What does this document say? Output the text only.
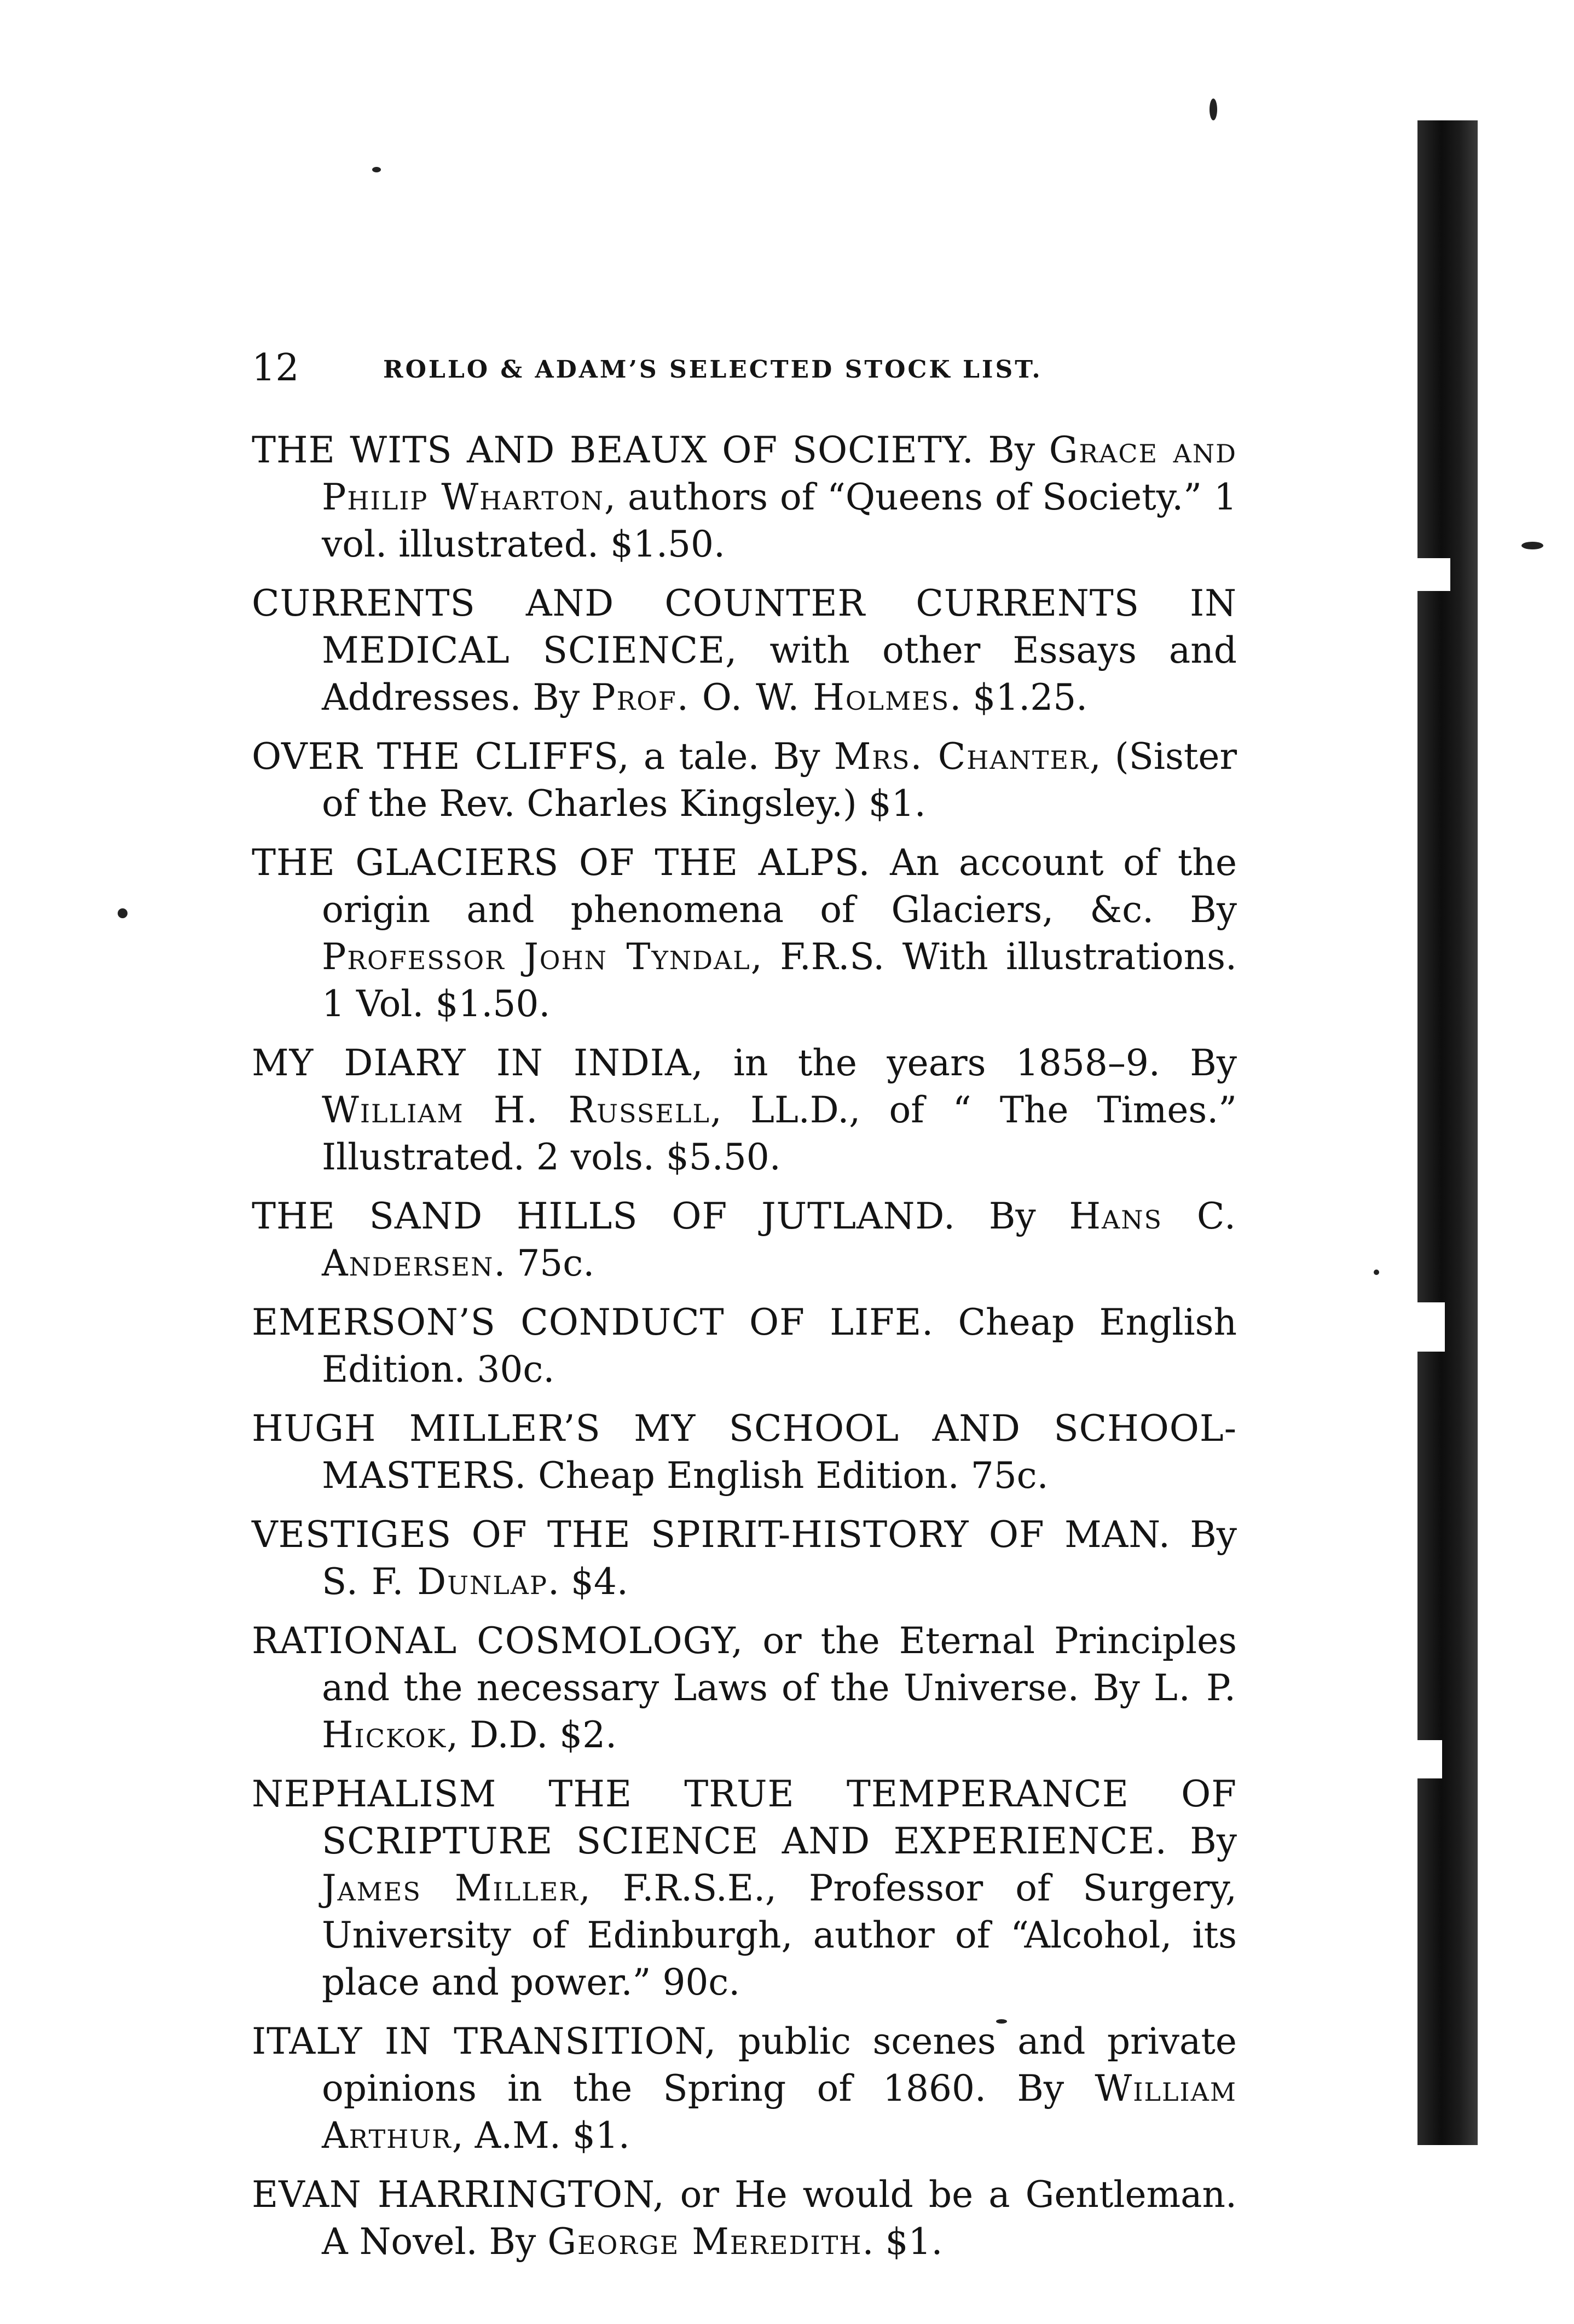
12	ROLLO & ADAM’S SELECTED STOCK LIST.

THE WITS AND BEAUX OF SOCIETY. By Grace and Philip Wharton, authors of “Queens of Society.” 1 vol. illustrated. $1.50.

CURRENTS AND COUNTER CURRENTS IN MEDICAL SCIENCE, with other Essays and Addresses. By Prof. O. W. Holmes. $1.25.

OVER THE CLIFFS, a tale. By Mrs. Chanter, (Sister of the Rev. Charles Kingsley.) $1.

THE GLACIERS OF THE ALPS. An account of the origin and phenomena of Glaciers, &c. By Professor John Tyndal, F.R.S. With illustrations. 1 Vol. $1.50.

MY DIARY IN INDIA, in the years 1858–9. By William H. Russell, LL.D., of “ The Times.” Illustrated. 2 vols. $5.50.

THE SAND HILLS OF JUTLAND. By Hans C. Andersen. 75c.

EMERSON’S CONDUCT OF LIFE. Cheap English Edition. 30c.

HUGH MILLER’S MY SCHOOL AND SCHOOL-MASTERS. Cheap English Edition. 75c.

VESTIGES OF THE SPIRIT-HISTORY OF MAN. By S. F. Dunlap. $4.

RATIONAL COSMOLOGY, or the Eternal Principles and the necessary Laws of the Universe. By L. P. Hickok, D.D. $2.

NEPHALISM THE TRUE TEMPERANCE OF SCRIPTURE SCIENCE AND EXPERIENCE. By James Miller, F.R.S.E., Professor of Surgery, University of Edinburgh, author of “Alcohol, its place and power.” 90c.

ITALY IN TRANSITION, public scenes and private opinions in the Spring of 1860. By William Arthur, A.M. $1.

EVAN HARRINGTON, or He would be a Gentleman. A Novel. By George Meredith. $1.
